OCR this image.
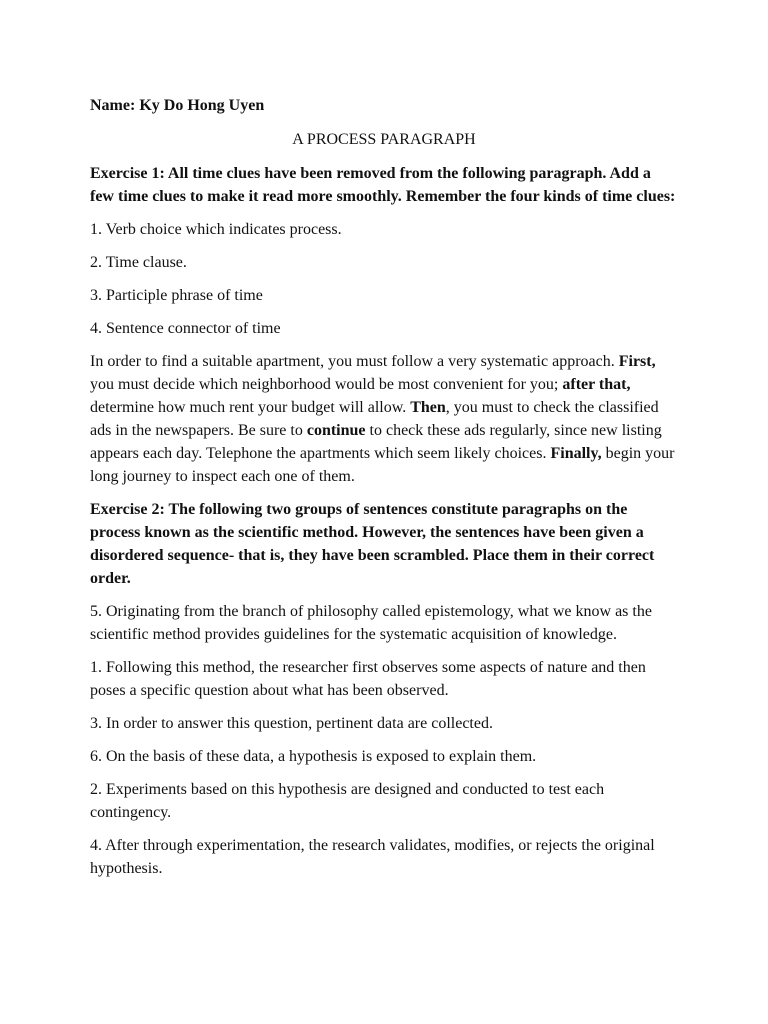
Name: Ky Do Hong Uyen

A PROCESS PARAGRAPH

Exercise 1: All time clues have been removed from the following paragraph. Add a few time clues to make it read more smoothly. Remember the four kinds of time clues:

1. Verb choice which indicates process.

2. Time clause.

3. Participle phrase of time

4. Sentence connector of time

In order to find a suitable apartment, you must follow a very systematic approach. First, you must decide which neighborhood would be most convenient for you; after that, determine how much rent your budget will allow. Then, you must to check the classified ads in the newspapers. Be sure to continue to check these ads regularly, since new listing appears each day. Telephone the apartments which seem likely choices. Finally, begin your long journey to inspect each one of them.

Exercise 2: The following two groups of sentences constitute paragraphs on the process known as the scientific method. However, the sentences have been given a disordered sequence- that is, they have been scrambled. Place them in their correct order.

5. Originating from the branch of philosophy called epistemology, what we know as the scientific method provides guidelines for the systematic acquisition of knowledge.

1. Following this method, the researcher first observes some aspects of nature and then poses a specific question about what has been observed.

3. In order to answer this question, pertinent data are collected.

6. On the basis of these data, a hypothesis is exposed to explain them.

2. Experiments based on this hypothesis are designed and conducted to test each contingency.

4. After through experimentation, the research validates, modifies, or rejects the original hypothesis.
